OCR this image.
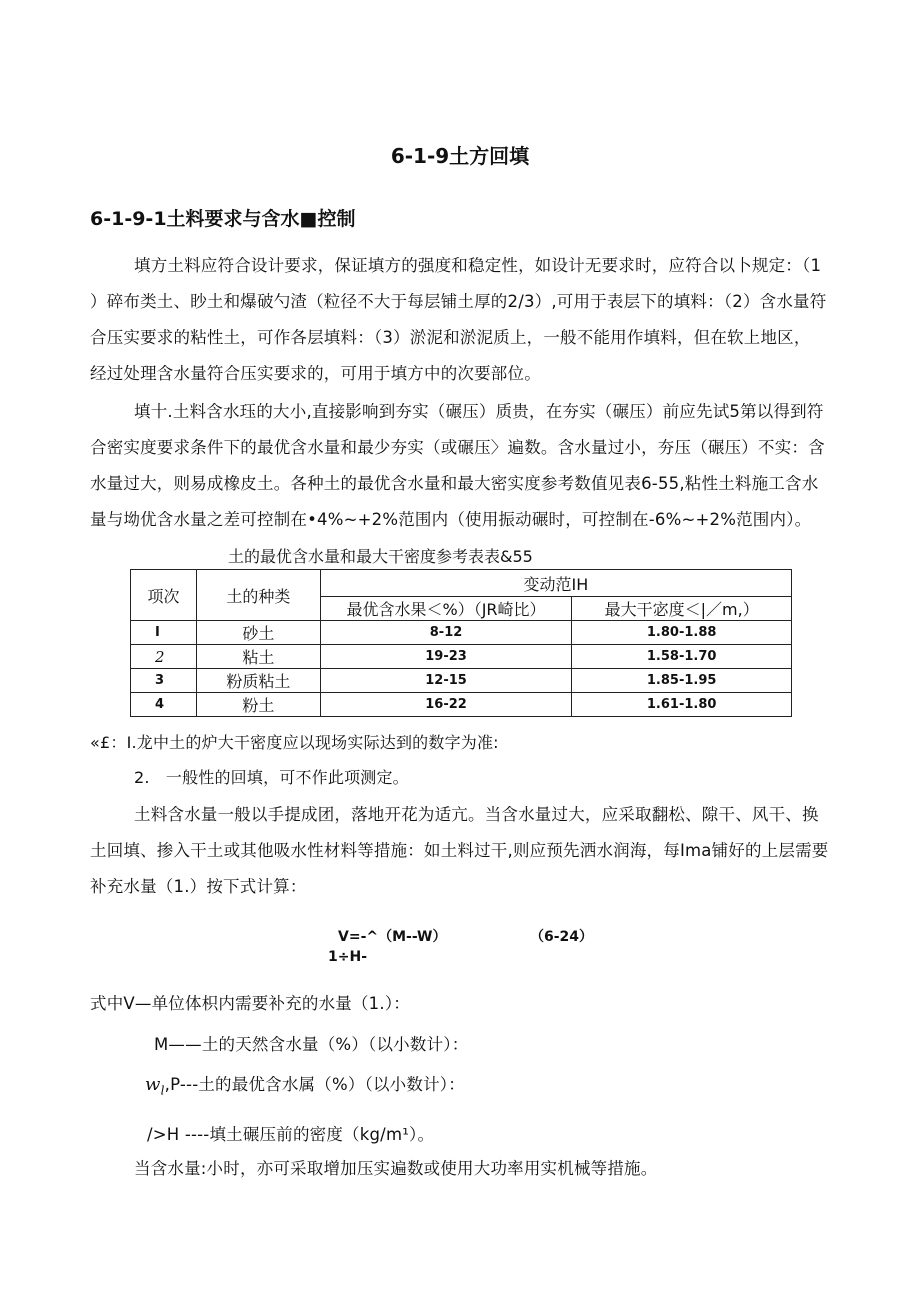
6-1-9土方回填
6-1-9-1土料要求与含水■控制
填方土料应符合设计要求，保证填方的强度和稳定性，如设计无要求时，应符合以卜规定：（1
）碎布类土、眇土和爆破勺渣（粒径不大于每层铺土厚的2/3）,可用于表层下的填料：（2）含水量符
合压实要求的粘性土，可作各层填料：（3）淤泥和淤泥质上，一般不能用作填料，但在软上地区，
经过处理含水量符合压实要求的，可用于填方中的次要部位。
填十.土料含水珏的大小,直接影响到夯实（碾压）质贵，在夯实（碾压）前应先试5第以得到符
合密实度要求条件下的最优含水量和最少夯实（或碾压〉遍数。含水量过小，夯压（碾压）不实：含
水量过大，则易成橡皮土。各种土的最优含水量和最大密实度参考数值见表6-55,粘性土料施工含水
量与坳优含水量之差可控制在•4%~+2%范围内（使用振动碾时，可控制在-6%~+2%范围内）。
土的最优含水量和最大干密度参考表表&55
项次	土的种类	变动范IH	
		最优含水果＜%）（JR崎比）	最大干宓度＜|／m,）
I	砂土	8-12	1.80-1.88
2	粘土	19-23	1.58-1.70
3	粉质粘土	12-15	1.85-1.95
4	粉土	16-22	1.61-1.80
«£：I.龙中土的炉大干密度应以现场实际达到的数字为准:
2.　一般性的回填，可不作此项测定。
土料含水量一般以手提成团，落地开花为适亢。当含水量过大，应采取翻松、隙干、风干、换
土回填、掺入干土或其他吸水性材料等措施：如土料过干,则应预先洒水润海，每Ima铺好的上层需要
补充水量（1.）按下式计算：
V=-^（M--W）	（6-24）
1÷H-
式中V—单位体枳内需要补充的水量（1.）：
M——土的天然含水量（%）（以小数计）：
$w_l,P---$土的最优含水属（%）（以小数计）：
/>H ----填土碾压前的密度（kg/m¹）。
当含水量:小时，亦可采取增加压实遍数或使用大功率用实机械等措施。
